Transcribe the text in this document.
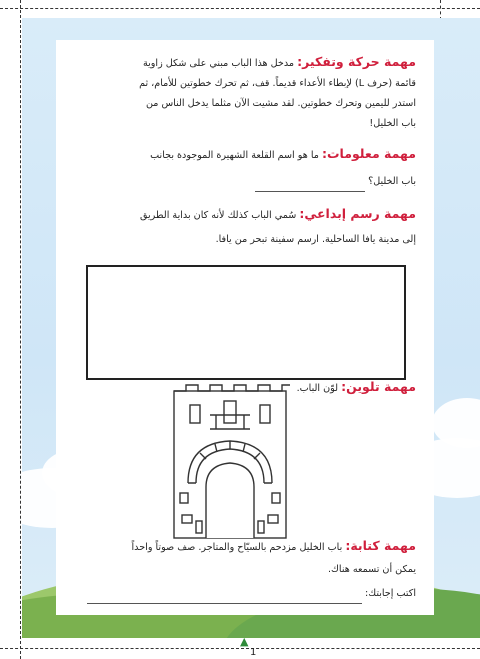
مهمة حركة وتفكير: مدخل هذا الباب مبني على شكل زاوية
قائمة (حرف L) لإبطاء الأعداء قديماً. قف، ثم تحرك خطوتين للأمام، ثم
استدر لليمين وتحرك خطوتين. لقد مشيت الآن مثلما يدخل الناس من
باب الخليل!
مهمة معلومات: ما هو اسم القلعة الشهيرة الموجودة بجانب
باب الخليل؟
مهمة رسم إبداعي: سُمي الباب كذلك لأنه كان بداية الطريق
إلى مدينة يافا الساحلية. ارسم سفينة تبحر من يافا.
مهمة تلوين: لوّن الباب.
مهمة كتابة: باب الخليل مزدحم بالسيّاح والمتاجر. صف صوتاً واحداً
يمكن أن تسمعه هناك.
اكتب إجابتك:
▲
1
